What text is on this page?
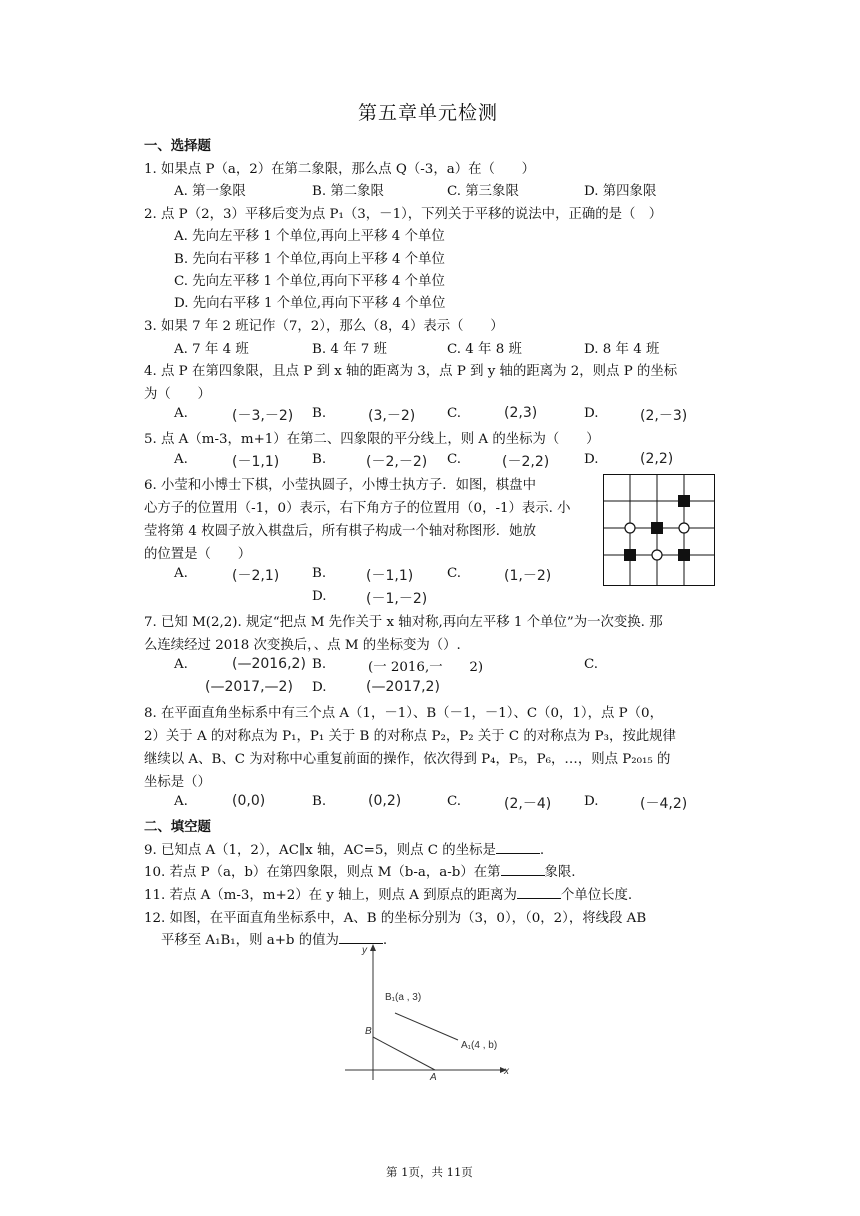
第五章单元检测
一、选择题
1. 如果点 P（a，2）在第二象限，那么点 Q（-3，a）在（　　）
A. 第一象限	B. 第二象限	C. 第三象限	D. 第四象限
2. 点 P（2，3）平移后变为点 P₁（3，－1），下列关于平移的说法中，正确的是（　）
A. 先向左平移 1 个单位,再向上平移 4 个单位
B. 先向右平移 1 个单位,再向上平移 4 个单位
C. 先向左平移 1 个单位,再向下平移 4 个单位
D. 先向右平移 1 个单位,再向下平移 4 个单位
3. 如果 7 年 2 班记作（7，2），那么（8，4）表示（　　）
A. 7 年 4 班	B. 4 年 7 班	C. 4 年 8 班	D. 8 年 4 班
4. 点 P 在第四象限，且点 P 到 x 轴的距离为 3，点 P 到 y 轴的距离为 2，则点 P 的坐标
为（　　）
A.	(－3,－2) B.	(3,－2) C.	(2,3)	D.	(2,－3)
5. 点 A（m-3，m+1）在第二、四象限的平分线上，则 A 的坐标为（　　）
A.	(－1,1) B.	(－2,－2) C.	(－2,2)	D.	(2,2)
6. 小莹和小博士下棋，小莹执圆子，小博士执方子．如图，棋盘中
心方子的位置用（-1，0）表示，右下角方子的位置用（0，-1）表示. 小
莹将第 4 枚圆子放入棋盘后，所有棋子构成一个轴对称图形．她放
的位置是（　　）
A.	(－2,1) B.	(－1,1)	C.	(1,－2)
D.	(－1,－2)
7. 已知 M(2,2). 规定“把点 M 先作关于 x 轴对称,再向左平移 1 个单位”为一次变换. 那
么连续经过 2018 次变换后，、点 M 的坐标变为（）.
A.	(—2016,2) B.	(一 2016,一　　2)	C.
(—2017,—2) D.	(—2017,2)
8. 在平面直角坐标系中有三个点 A（1，－1）、B（－1，－1）、C（0，1），点 P（0，
2）关于 A 的对称点为 P₁，P₁ 关于 B 的对称点 P₂，P₂ 关于 C 的对称点为 P₃，按此规律
继续以 A、B、C 为对称中心重复前面的操作，依次得到 P₄，P₅，P₆，…，则点 P₂₀₁₅ 的
坐标是（）
A.	(0,0)	B.	(0,2)	C.	(2,－4) D.	(－4,2)
二、填空题
9. 已知点 A（1，2），AC∥x 轴，AC=5，则点 C 的坐标是	.
10. 若点 P（a，b）在第四象限，则点 M（b-a，a-b）在第	象限.
11. 若点 A（m-3，m+2）在 y 轴上，则点 A 到原点的距离为	个单位长度.
12. 如图，在平面直角坐标系中，A、B 的坐标分别为（3，0），（0，2），将线段 AB
平移至 A₁B₁，则 a+b 的值为	.
y
x
B₁(a , 3)
A₁(4 , b)
B
A
第 1页，共 11页
